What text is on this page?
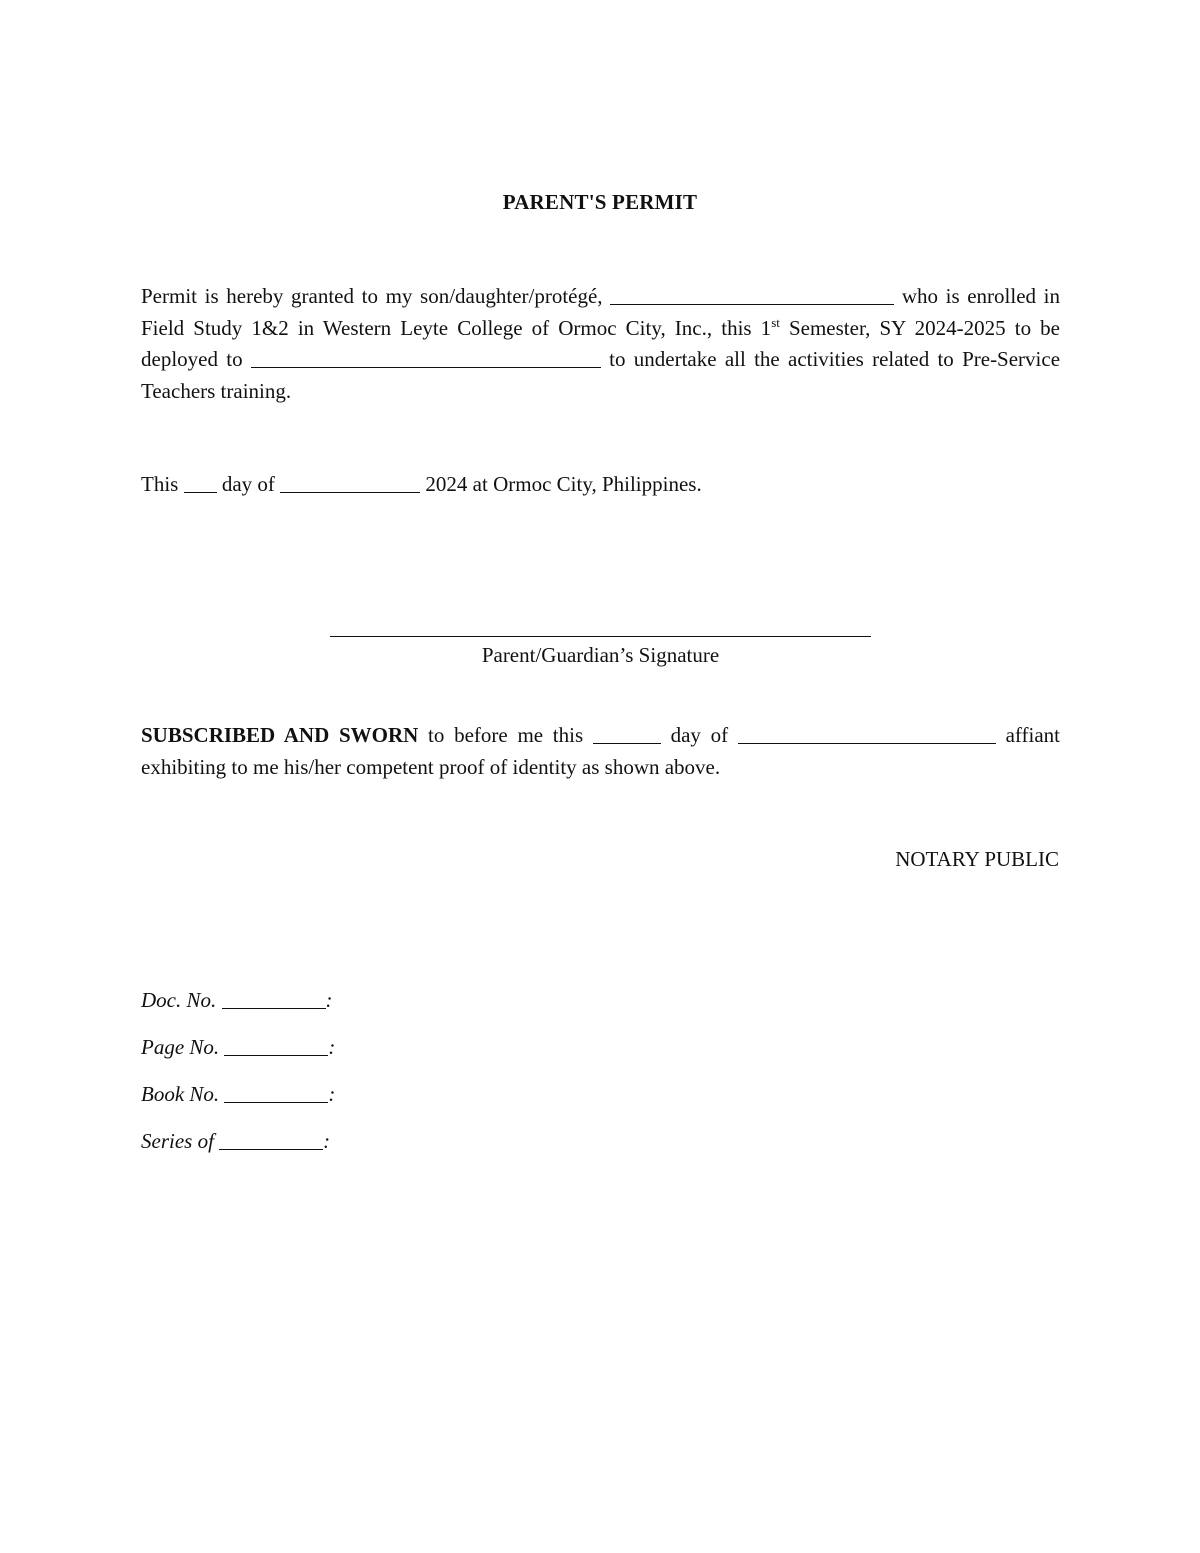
PARENT'S PERMIT
Permit is hereby granted to my son/daughter/protégé,	who is enrolled in Field Study 1&2 in Western Leyte College of Ormoc City, Inc., this 1st Semester, SY 2024-2025 to be deployed to	to undertake all the activities related to Pre-Service Teachers training.
This day of	2024 at Ormoc City, Philippines.
Parent/Guardian’s Signature
SUBSCRIBED AND SWORN to before me this	day of	affiant exhibiting to me his/her competent proof of identity as shown above.
NOTARY PUBLIC
Doc. No.	:
Page No.	:
Book No.	:
Series of	:
